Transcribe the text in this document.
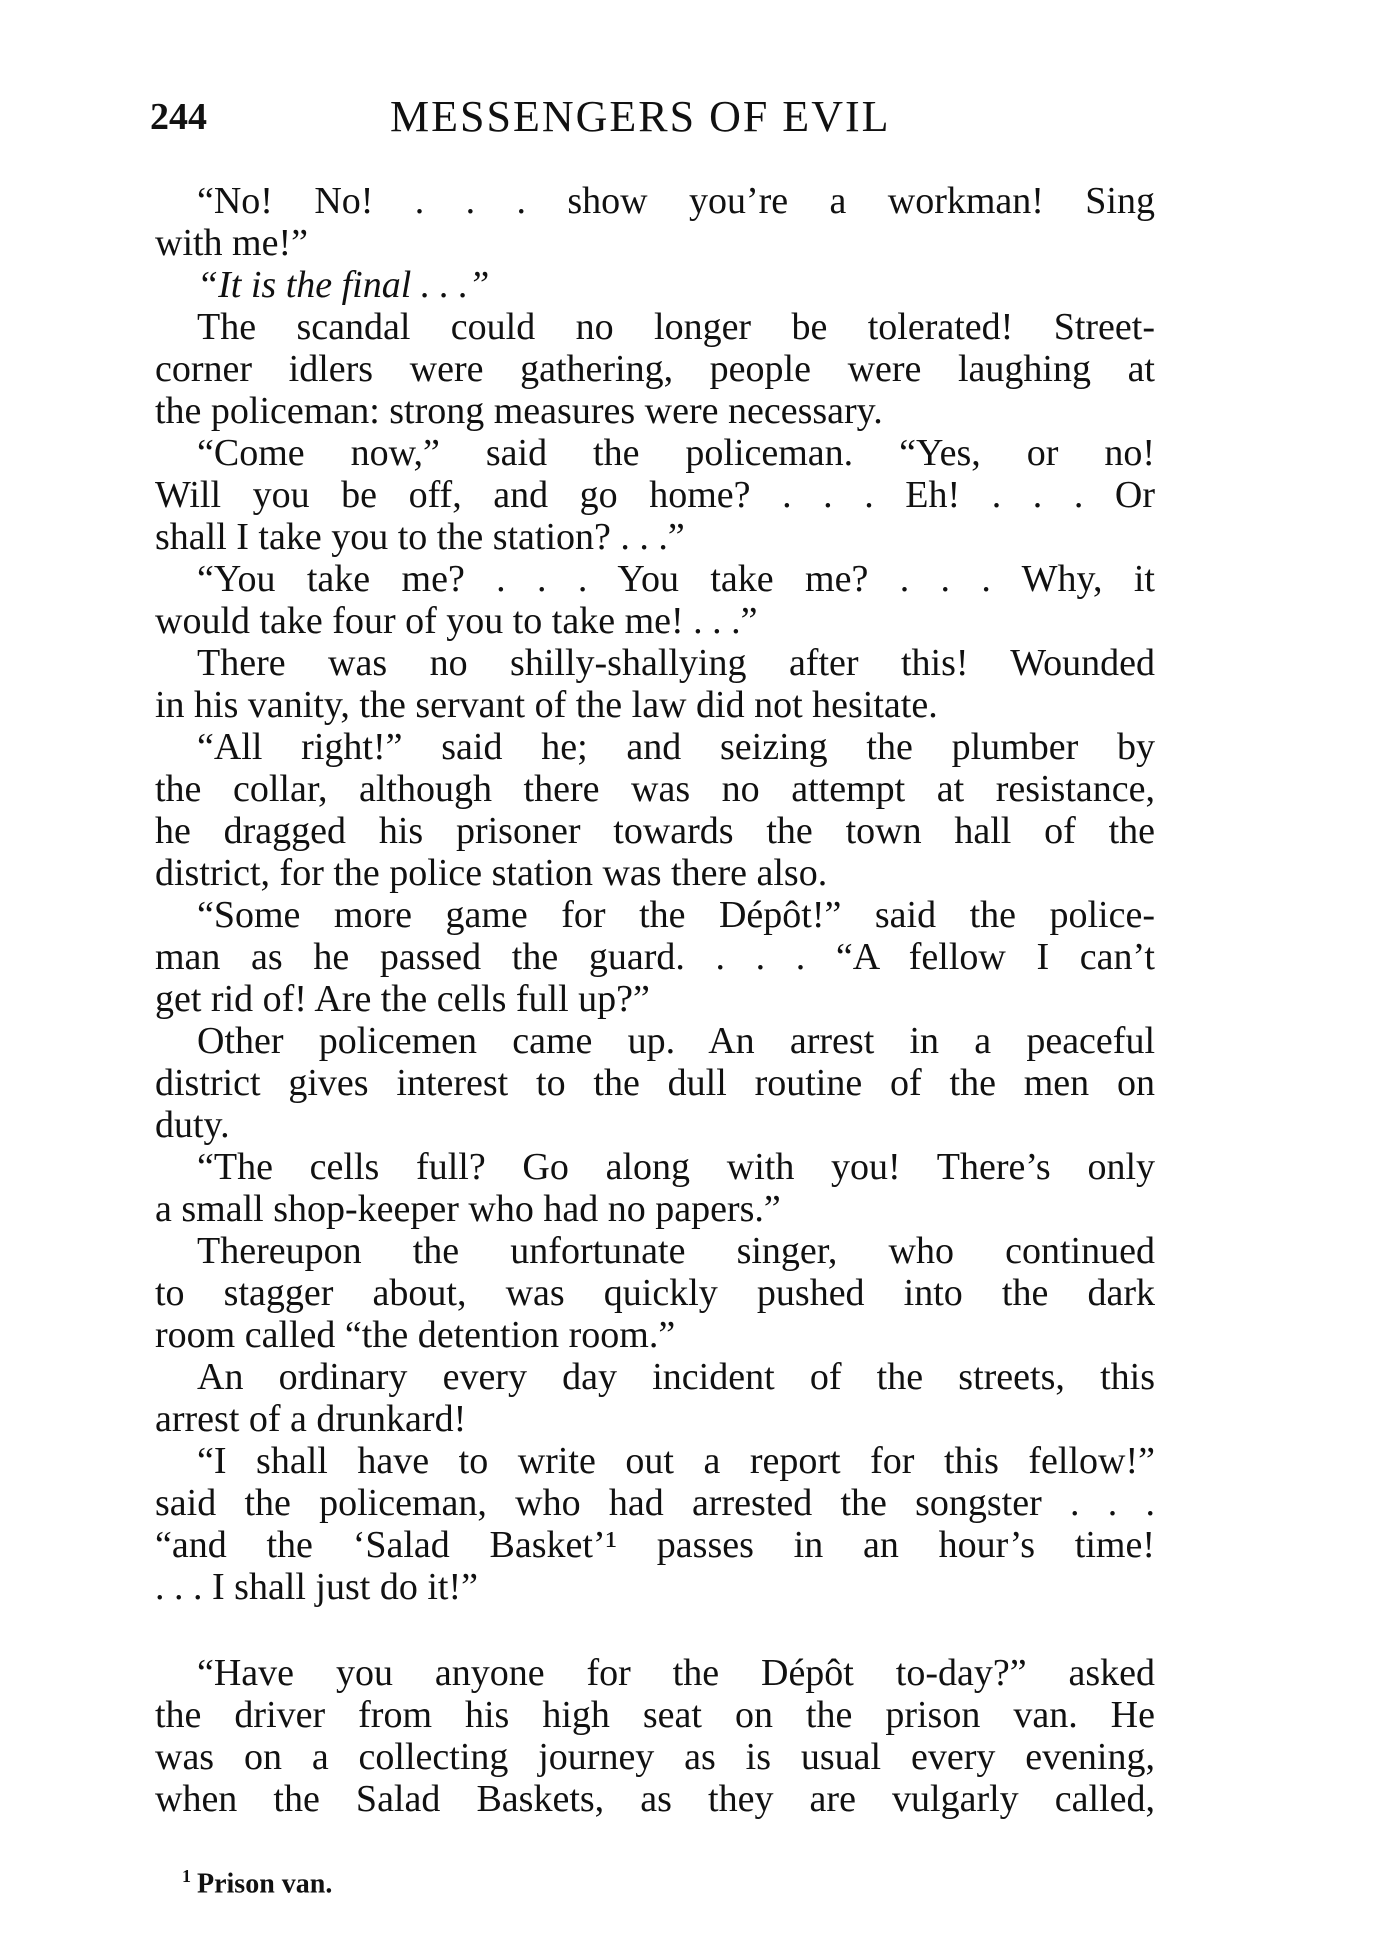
244	MESSENGERS OF EVIL
“No! No! . . . show you’re a workman! Sing
with me!”
“It is the final . . .”
The scandal could no longer be tolerated! Street-
corner idlers were gathering, people were laughing at
the policeman: strong measures were necessary.
“Come now,” said the policeman. “Yes, or no!
Will you be off, and go home? . . . Eh! . . . Or
shall I take you to the station? . . .”
“You take me? . . . You take me? . . . Why, it
would take four of you to take me! . . .”
There was no shilly-shallying after this! Wounded
in his vanity, the servant of the law did not hesitate.
“All right!” said he; and seizing the plumber by
the collar, although there was no attempt at resistance,
he dragged his prisoner towards the town hall of the
district, for the police station was there also.
“Some more game for the Dépôt!” said the police-
man as he passed the guard. . . . “A fellow I can’t
get rid of! Are the cells full up?”
Other policemen came up. An arrest in a peaceful
district gives interest to the dull routine of the men on
duty.
“The cells full? Go along with you! There’s only
a small shop-keeper who had no papers.”
Thereupon the unfortunate singer, who continued
to stagger about, was quickly pushed into the dark
room called “the detention room.”
An ordinary every day incident of the streets, this
arrest of a drunkard!
“I shall have to write out a report for this fellow!”
said the policeman, who had arrested the songster . . .
“and the ‘Salad Basket’¹ passes in an hour’s time!
. . . I shall just do it!”
“Have you anyone for the Dépôt to-day?” asked
the driver from his high seat on the prison van. He
was on a collecting journey as is usual every evening,
when the Salad Baskets, as they are vulgarly called,
$^1$ Prison van.
